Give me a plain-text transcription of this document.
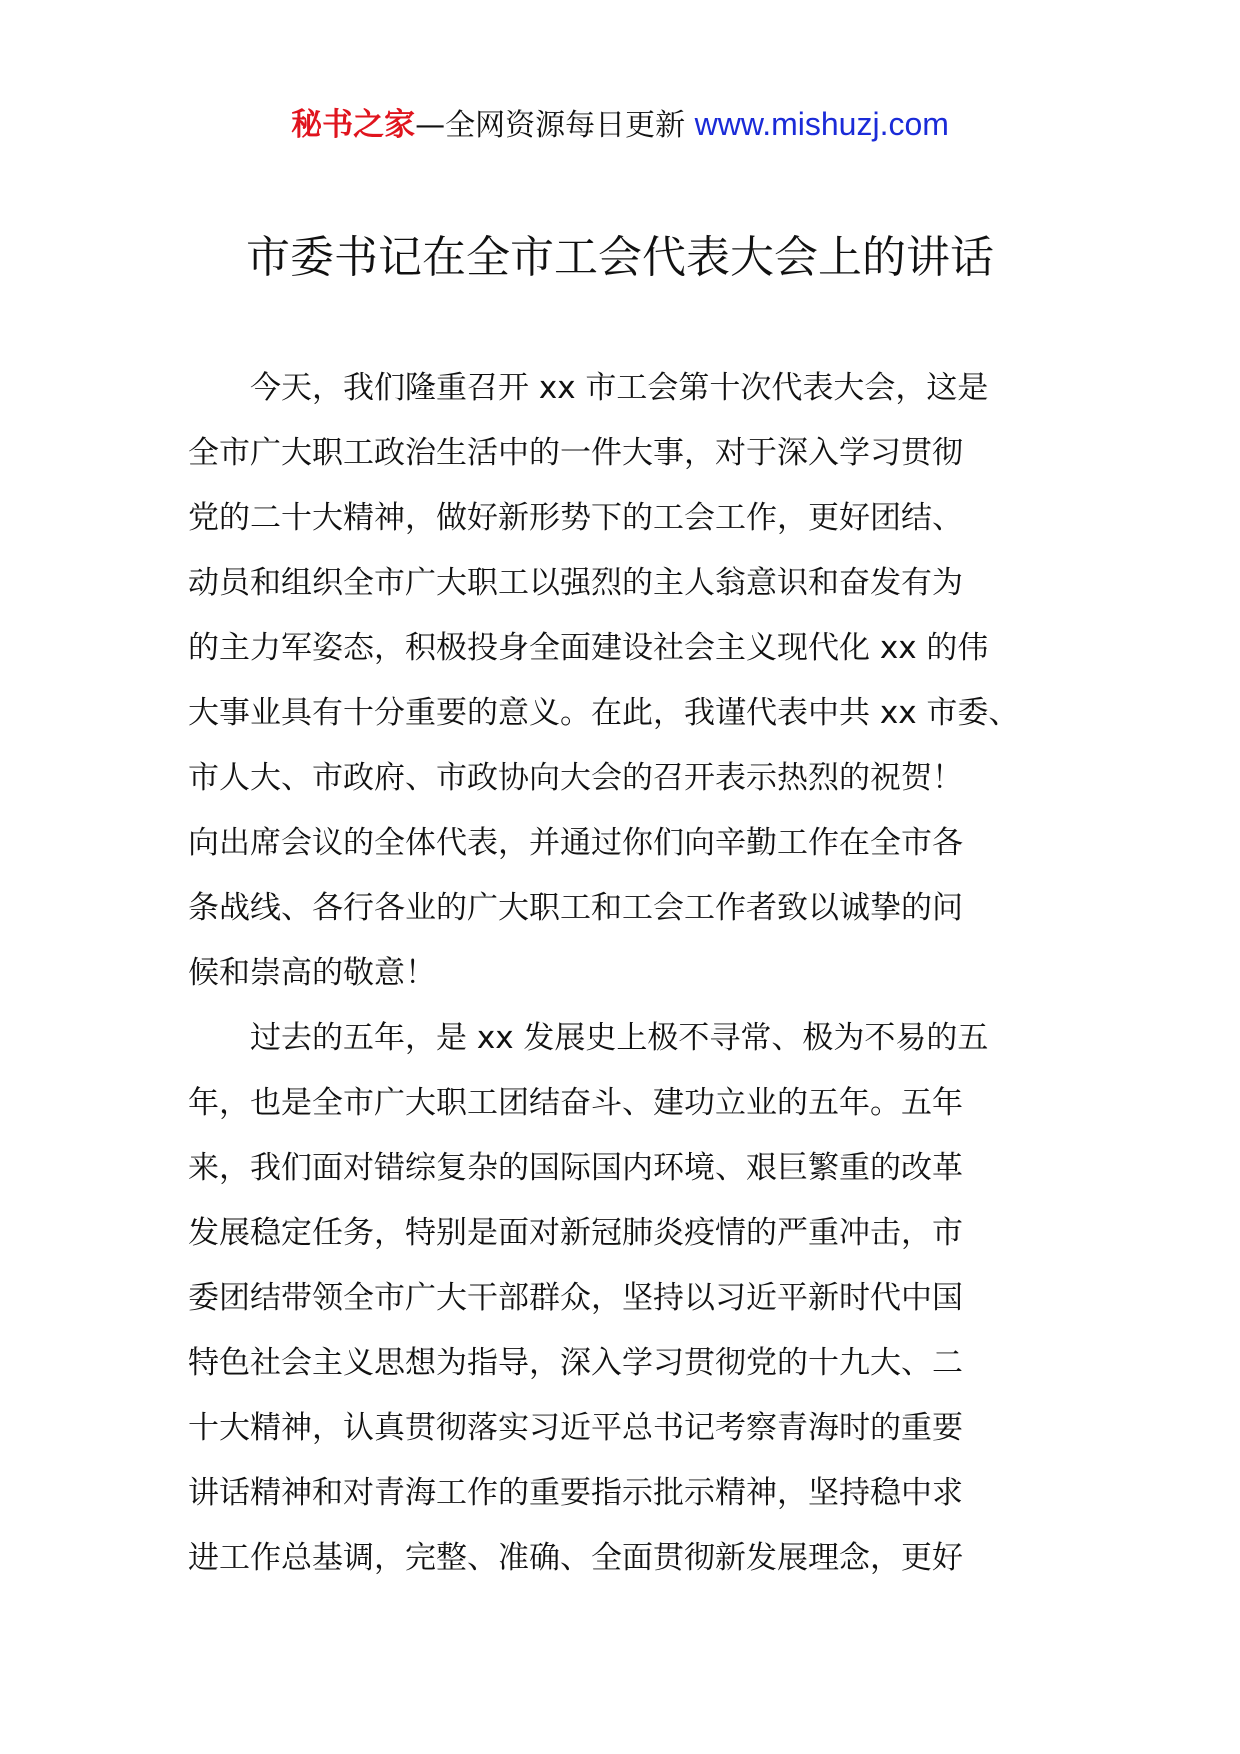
秘书之家—全网资源每日更新 www.mishuzj.com
市委书记在全市工会代表大会上的讲话
今天，我们隆重召开 xx 市工会第十次代表大会，这是
全市广大职工政治生活中的一件大事，对于深入学习贯彻
党的二十大精神，做好新形势下的工会工作，更好团结、
动员和组织全市广大职工以强烈的主人翁意识和奋发有为
的主力军姿态，积极投身全面建设社会主义现代化 xx 的伟
大事业具有十分重要的意义。在此，我谨代表中共 xx 市委、
市人大、市政府、市政协向大会的召开表示热烈的祝贺！
向出席会议的全体代表，并通过你们向辛勤工作在全市各
条战线、各行各业的广大职工和工会工作者致以诚挚的问
候和崇高的敬意！
过去的五年，是 xx 发展史上极不寻常、极为不易的五
年，也是全市广大职工团结奋斗、建功立业的五年。五年
来，我们面对错综复杂的国际国内环境、艰巨繁重的改革
发展稳定任务，特别是面对新冠肺炎疫情的严重冲击，市
委团结带领全市广大干部群众，坚持以习近平新时代中国
特色社会主义思想为指导，深入学习贯彻党的十九大、二
十大精神，认真贯彻落实习近平总书记考察青海时的重要
讲话精神和对青海工作的重要指示批示精神，坚持稳中求
进工作总基调，完整、准确、全面贯彻新发展理念，更好
